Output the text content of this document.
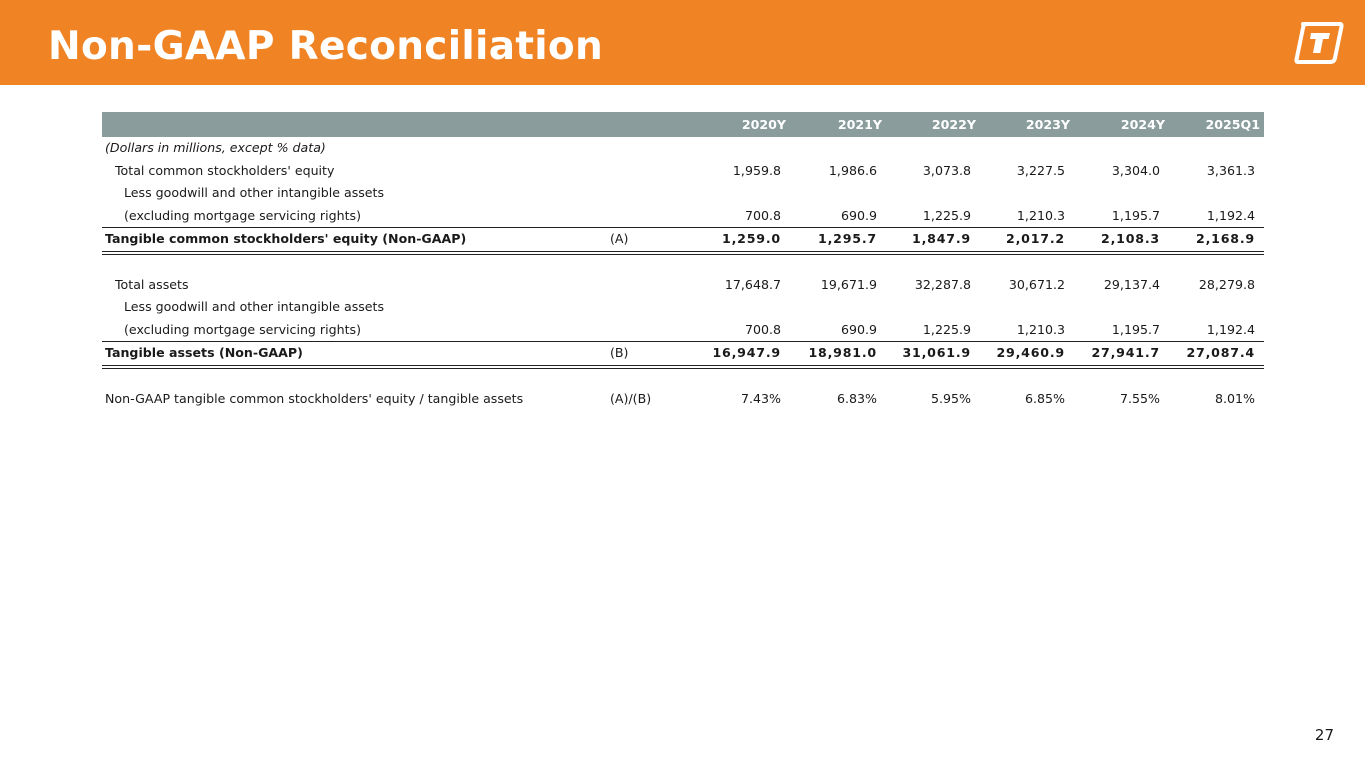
Non-GAAP Reconciliation
2020Y	2021Y	2022Y	2023Y	2024Y	2025Q1
(Dollars in millions, except % data)
Total common stockholders' equity	1,959.8	1,986.6	3,073.8	3,227.5	3,304.0	3,361.3
Less goodwill and other intangible assets
(excluding mortgage servicing rights)	700.8	690.9	1,225.9	1,210.3	1,195.7	1,192.4
Tangible common stockholders' equity (Non-GAAP)	(A)	1,259.0	1,295.7	1,847.9	2,017.2	2,108.3	2,168.9
Total assets	17,648.7	19,671.9	32,287.8	30,671.2	29,137.4	28,279.8
Less goodwill and other intangible assets
(excluding mortgage servicing rights)	700.8	690.9	1,225.9	1,210.3	1,195.7	1,192.4
Tangible assets (Non-GAAP)	(B)	16,947.9	18,981.0	31,061.9	29,460.9	27,941.7	27,087.4
Non-GAAP tangible common stockholders' equity / tangible assets	(A)/(B)	7.43%	6.83%	5.95%	6.85%	7.55%	8.01%
27
